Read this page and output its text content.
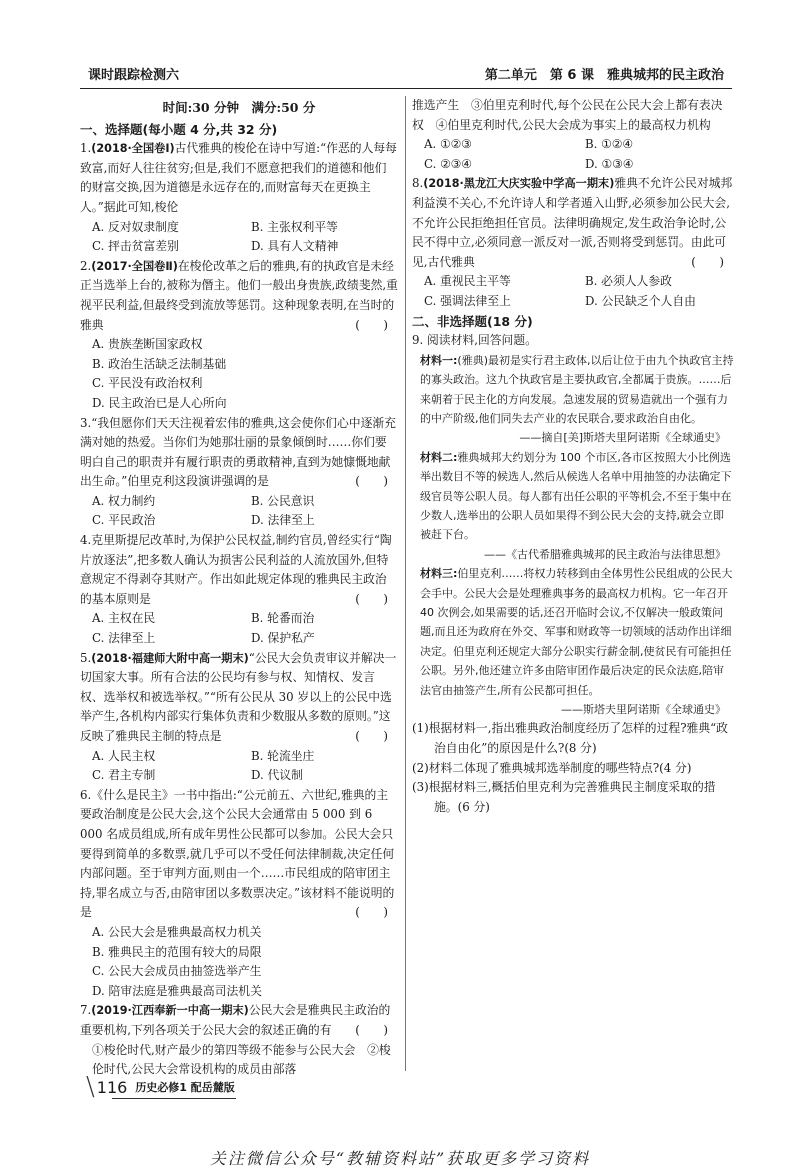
课时跟踪检测六	第二单元　第 6 课　雅典城邦的民主政治
时间:30 分钟　满分:50 分
一、选择题(每小题 4 分,共 32 分)
1.(2018·全国卷Ⅰ)古代雅典的梭伦在诗中写道:“作恶的人每每致富,而好人往往贫穷;但是,我们不愿意把我们的道德和他们的财富交换,因为道德是永远存在的,而财富每天在更换主人。”据此可知,梭伦
A. 反对奴隶制度	B. 主张权利平等
C. 抨击贫富差别	D. 具有人文精神
2.(2017·全国卷Ⅱ)在梭伦改革之后的雅典,有的执政官是未经正当选举上台的,被称为僭主。他们一般出身贵族,政绩斐然,重视平民利益,但最终受到流放等惩罚。这种现象表明,在当时的雅典	(　　)
A. 贵族垄断国家政权
B. 政治生活缺乏法制基础
C. 平民没有政治权利
D. 民主政治已是人心所向
3.“我但愿你们天天注视着宏伟的雅典,这会使你们心中逐渐充满对她的热爱。当你们为她那壮丽的景象倾倒时……你们要明白自己的职责并有履行职责的勇敢精神,直到为她慷慨地献出生命。”伯里克利这段演讲强调的是	(　　)
A. 权力制约	B. 公民意识
C. 平民政治	D. 法律至上
4.克里斯提尼改革时,为保护公民权益,制约官员,曾经实行“陶片放逐法”,把多数人确认为损害公民利益的人流放国外,但特意规定不得剥夺其财产。作出如此规定体现的雅典民主政治的基本原则是	(　　)
A. 主权在民	B. 轮番而治
C. 法律至上	D. 保护私产
5.(2018·福建师大附中高一期末)“公民大会负责审议并解决一切国家大事。所有合法的公民均有参与权、知情权、发言权、选举权和被选举权。”“所有公民从 30 岁以上的公民中选举产生,各机构内部实行集体负责和少数服从多数的原则。”这反映了雅典民主制的特点是	(　　)
A. 人民主权	B. 轮流坐庄
C. 君主专制	D. 代议制
6.《什么是民主》一书中指出:“公元前五、六世纪,雅典的主要政治制度是公民大会,这个公民大会通常由 5 000 到 6 000 名成员组成,所有成年男性公民都可以参加。公民大会只要得到简单的多数票,就几乎可以不受任何法律制裁,决定任何内部问题。至于审判方面,则由一个……市民组成的陪审团主持,罪名成立与否,由陪审团以多数票决定。”该材料不能说明的是	(　　)
A. 公民大会是雅典最高权力机关
B. 雅典民主的范围有较大的局限
C. 公民大会成员由抽签选举产生
D. 陪审法庭是雅典最高司法机关
7.(2019·江西奉新一中高一期末)公民大会是雅典民主政治的重要机构,下列各项关于公民大会的叙述正确的有 (　　)
①梭伦时代,财产最少的第四等级不能参与公民大会　②梭伦时代,公民大会常设机构的成员由部落
推选产生　③伯里克利时代,每个公民在公民大会上都有表决权　④伯里克利时代,公民大会成为事实上的最高权力机构
A. ①②③	B. ①②④
C. ②③④	D. ①③④
8.(2018·黑龙江大庆实验中学高一期末)雅典不允许公民对城邦利益漠不关心,不允许诗人和学者遁入山野,必须参加公民大会,不允许公民拒绝担任官员。法律明确规定,发生政治争论时,公民不得中立,必须同意一派反对一派,否则将受到惩罚。由此可见,古代雅典	(　　)
A. 重视民主平等	B. 必须人人参政
C. 强调法律至上	D. 公民缺乏个人自由
二、非选择题(18 分)
9. 阅读材料,回答问题。
材料一:(雅典)最初是实行君主政体,以后让位于由九个执政官主持的寡头政治。这九个执政官是主要执政官,全都属于贵族。……后来朝着于民主化的方向发展。急速发展的贸易造就出一个强有力的中产阶级,他们同失去产业的农民联合,要求政治自由化。
——摘自[美]斯塔夫里阿诺斯《全球通史》
材料二:雅典城邦大约划分为 100 个市区,各市区按照大小比例选举出数目不等的候选人,然后从候选人名单中用抽签的办法确定下级官员等公职人员。每人都有出任公职的平等机会,不至于集中在少数人,选举出的公职人员如果得不到公民大会的支持,就会立即被赶下台。
——《古代希腊雅典城邦的民主政治与法律思想》
材料三:伯里克利……将权力转移到由全体男性公民组成的公民大会手中。公民大会是处理雅典事务的最高权力机构。它一年召开 40 次例会,如果需要的话,还召开临时会议,不仅解决一般政策问题,而且还为政府在外交、军事和财政等一切领域的活动作出详细决定。伯里克利还规定大部分公职实行薪金制,使贫民有可能担任公职。另外,他还建立许多由陪审团作最后决定的民众法庭,陪审法官由抽签产生,所有公民都可担任。
——斯塔夫里阿诺斯《全球通史》
(1)根据材料一,指出雅典政治制度经历了怎样的过程?雅典“政治自由化”的原因是什么?(8 分)
(2)材料二体现了雅典城邦选举制度的哪些特点?(4 分)
(3)根据材料三,概括伯里克利为完善雅典民主制度采取的措施。(6 分)
\ 116 历史必修1 配岳麓版
关注微信公众号“教辅资料站”获取更多学习资料
